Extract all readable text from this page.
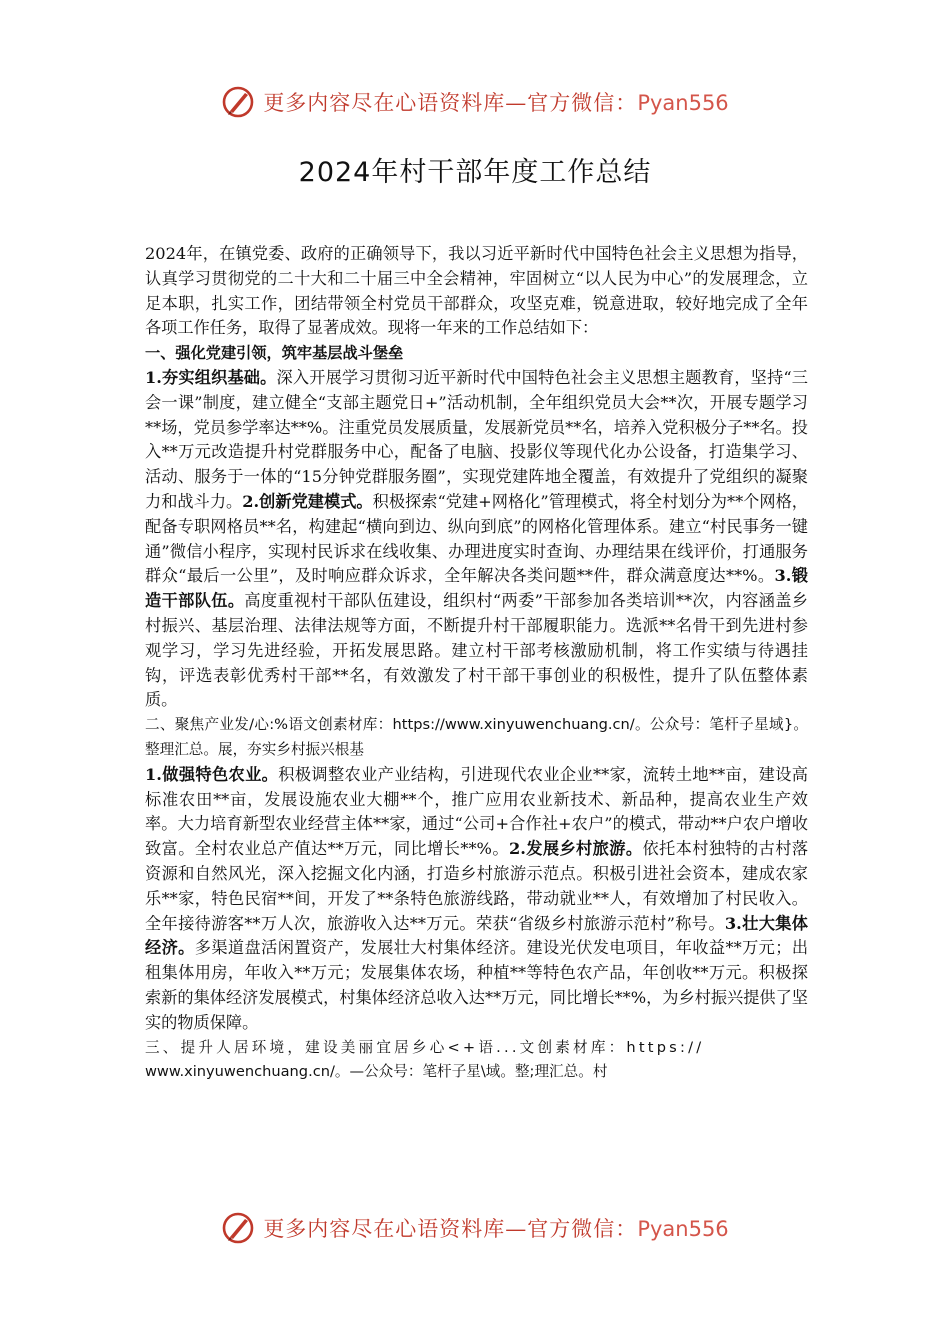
更多内容尽在心语资料库—官方微信：Pyan556
2024年村干部年度工作总结

2024年，在镇党委、政府的正确领导下，我以习近平新时代中国特色社会主义思想为指导，认真学习贯彻党的二十大和二十届三中全会精神，牢固树立“以人民为中心”的发展理念，立足本职，扎实工作，团结带领全村党员干部群众，攻坚克难，锐意进取，较好地完成了全年各项工作任务，取得了显著成效。现将一年来的工作总结如下：

一、强化党建引领，筑牢基层战斗堡垒

1.夯实组织基础。深入开展学习贯彻习近平新时代中国特色社会主义思想主题教育，坚持“三会一课”制度，建立健全“支部主题党日+”活动机制，全年组织党员大会**次，开展专题学习**场，党员参学率达**%。注重党员发展质量，发展新党员**名，培养入党积极分子**名。投入**万元改造提升村党群服务中心，配备了电脑、投影仪等现代化办公设备，打造集学习、活动、服务于一体的“15分钟党群服务圈”，实现党建阵地全覆盖，有效提升了党组织的凝聚力和战斗力。2.创新党建模式。积极探索“党建+网格化”管理模式，将全村划分为**个网格，配备专职网格员**名，构建起“横向到边、纵向到底”的网格化管理体系。建立“村民事务一键通”微信小程序，实现村民诉求在线收集、办理进度实时查询、办理结果在线评价，打通服务群众“最后一公里”，及时响应群众诉求，全年解决各类问题**件，群众满意度达**%。3.锻造干部队伍。高度重视村干部队伍建设，组织村“两委”干部参加各类培训**次，内容涵盖乡村振兴、基层治理、法律法规等方面，不断提升村干部履职能力。选派**名骨干到先进村参观学习，学习先进经验，开拓发展思路。建立村干部考核激励机制，将工作实绩与待遇挂钩，评选表彰优秀村干部**名，有效激发了村干部干事创业的积极性，提升了队伍整体素质。

二、聚焦产业发/心:%语文创素材库：https://www.xinyuwenchuang.cn/。公众号：笔杆子星域}。整理汇总。展，夯实乡村振兴根基

1.做强特色农业。积极调整农业产业结构，引进现代农业企业**家，流转土地**亩，建设高标准农田**亩，发展设施农业大棚**个，推广应用农业新技术、新品种，提高农业生产效率。大力培育新型农业经营主体**家，通过“公司+合作社+农户”的模式，带动**户农户增收致富。全村农业总产值达**万元，同比增长**%。2.发展乡村旅游。依托本村独特的古村落资源和自然风光，深入挖掘文化内涵，打造乡村旅游示范点。积极引进社会资本，建成农家乐**家，特色民宿**间，开发了**条特色旅游线路，带动就业**人，有效增加了村民收入。全年接待游客**万人次，旅游收入达**万元。荣获“省级乡村旅游示范村”称号。3.壮大集体经济。多渠道盘活闲置资产，发展壮大村集体经济。建设光伏发电项目，年收益**万元；出租集体用房，年收入**万元；发展集体农场，种植**等特色农产品，年创收**万元。积极探索新的集体经济发展模式，村集体经济总收入达**万元，同比增长**%，为乡村振兴提供了坚实的物质保障。

三、提升人居环境，建设美丽宜居乡心<+语...文创素材库：https://

www.xinyuwenchuang.cn/。—公众号：笔杆子星\域。整;理汇总。村

更多内容尽在心语资料库—官方微信：Pyan556
